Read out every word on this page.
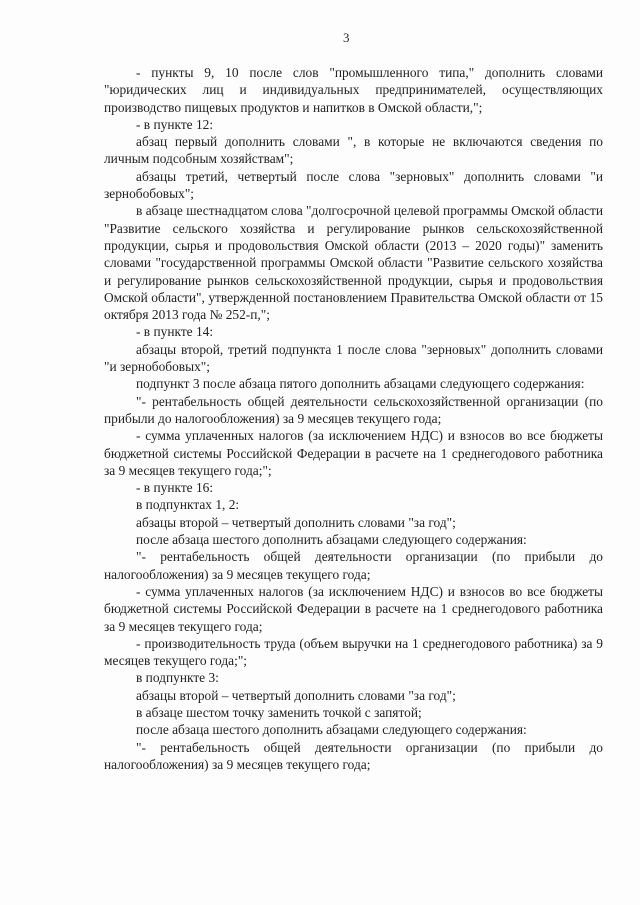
3

- пункты 9, 10 после слов "промышленного типа," дополнить словами "юридических лиц и индивидуальных предпринимателей, осуществляющих производство пищевых продуктов и напитков в Омской области,";

- в пункте 12:

абзац первый дополнить словами ", в которые не включаются сведения по личным подсобным хозяйствам";

абзацы третий, четвертый после слова "зерновых" дополнить словами "и зернобобовых";

в абзаце шестнадцатом слова "долгосрочной целевой программы Омской области "Развитие сельского хозяйства и регулирование рынков сельскохозяйственной продукции, сырья и продовольствия Омской области (2013 – 2020 годы)" заменить словами "государственной программы Омской области "Развитие сельского хозяйства и регулирование рынков сельскохозяйственной продукции, сырья и продовольствия Омской области", утвержденной постановлением Правительства Омской области от 15 октября 2013 года № 252-п,";

- в пункте 14:

абзацы второй, третий подпункта 1 после слова "зерновых" дополнить словами "и зернобобовых";

подпункт 3 после абзаца пятого дополнить абзацами следующего содержания:

"- рентабельность общей деятельности сельскохозяйственной организации (по прибыли до налогообложения) за 9 месяцев текущего года;

- сумма уплаченных налогов (за исключением НДС) и взносов во все бюджеты бюджетной системы Российской Федерации в расчете на 1 среднегодового работника за 9 месяцев текущего года;";

- в пункте 16:

в подпунктах 1, 2:

абзацы второй – четвертый дополнить словами "за год";

после абзаца шестого дополнить абзацами следующего содержания:

"- рентабельность общей деятельности организации (по прибыли до налогообложения) за 9 месяцев текущего года;

- сумма уплаченных налогов (за исключением НДС) и взносов во все бюджеты бюджетной системы Российской Федерации в расчете на 1 среднегодового работника за 9 месяцев текущего года;

- производительность труда (объем выручки на 1 среднегодового работника) за 9 месяцев текущего года;";

в подпункте 3:

абзацы второй – четвертый дополнить словами "за год";

в абзаце шестом точку заменить точкой с запятой;

после абзаца шестого дополнить абзацами следующего содержания:

"- рентабельность общей деятельности организации (по прибыли до налогообложения) за 9 месяцев текущего года;
